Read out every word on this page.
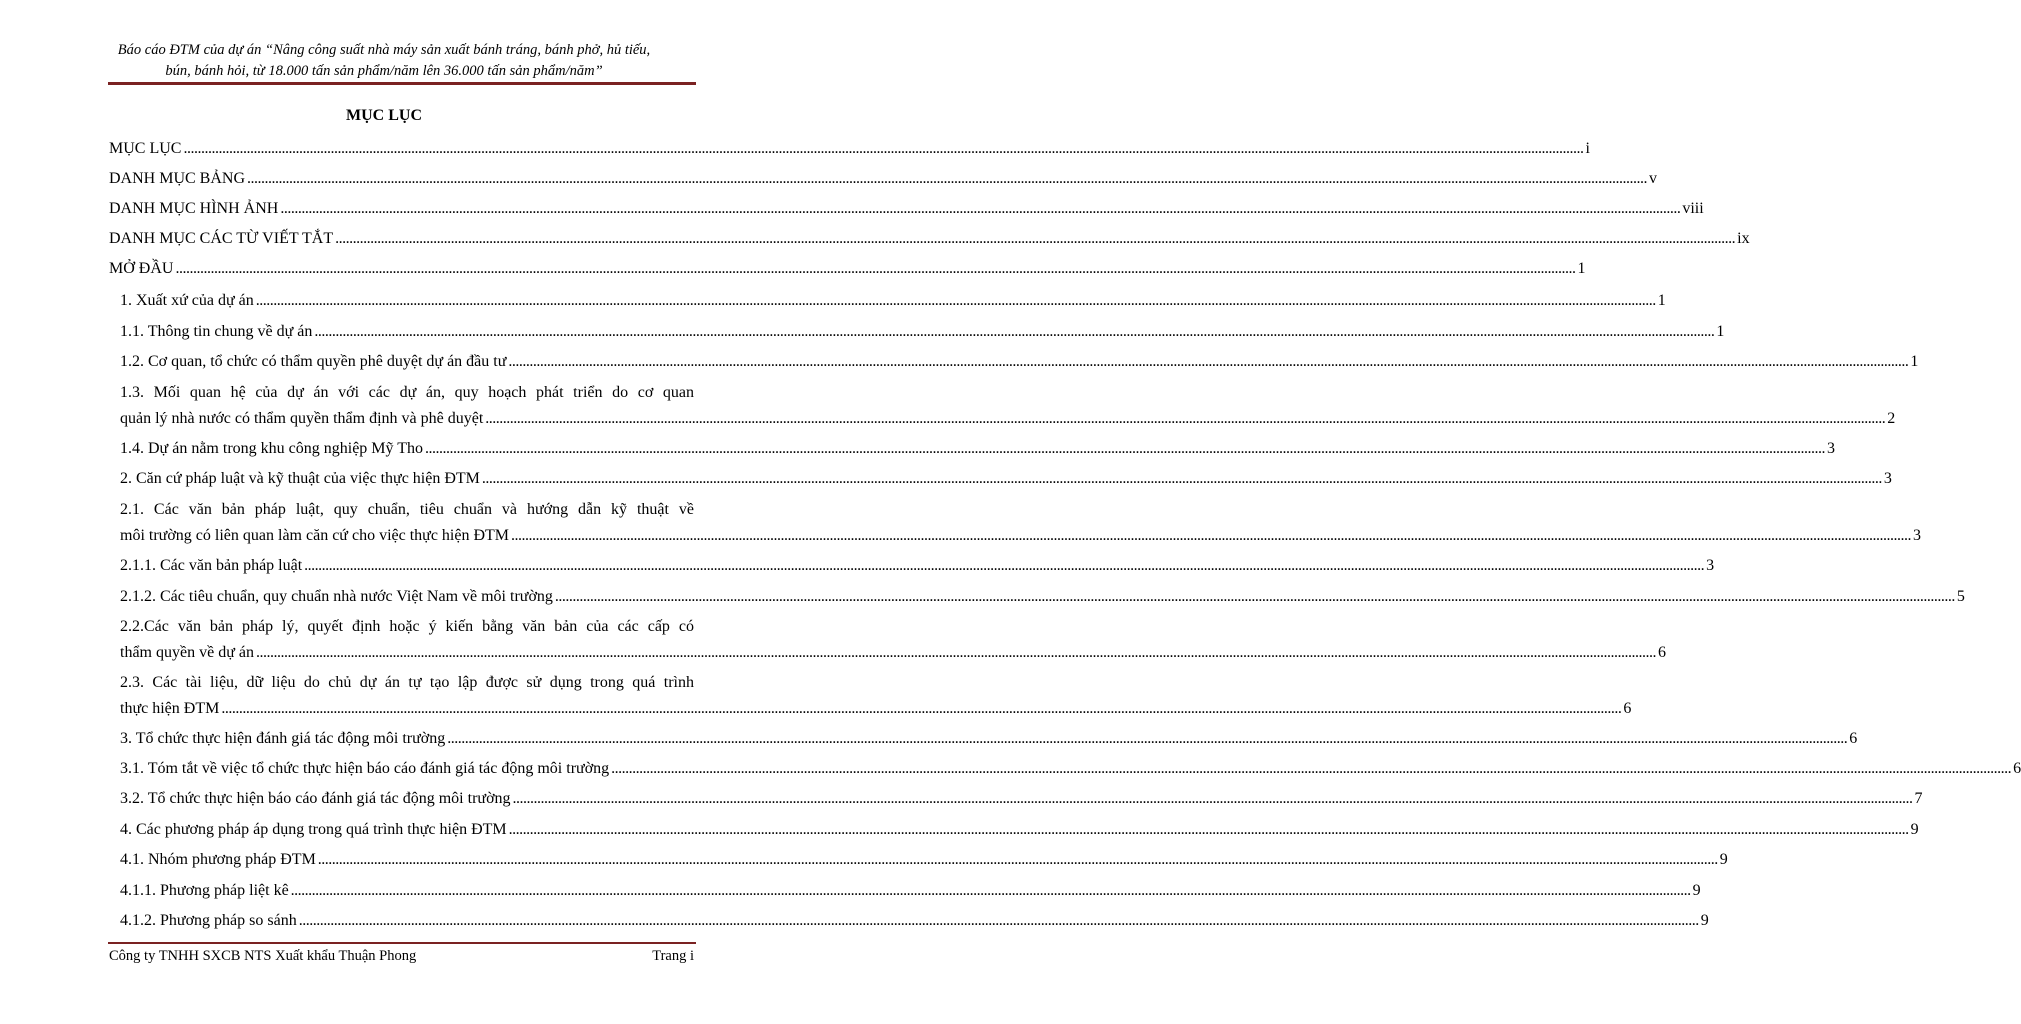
Báo cáo ĐTM của dự án “Nâng công suất nhà máy sản xuất bánh tráng, bánh phở, hủ tiếu,
bún, bánh hỏi, từ 18.000 tấn sản phẩm/năm lên 36.000 tấn sản phẩm/năm”
MỤC LỤC
MỤC LỤC ................................................................................................................................................................................................................................................................................................................................................................................................................ i
DANH MỤC BẢNG ................................................................................................................................................................................................................................................................................................................................................................................................................ v
DANH MỤC HÌNH ẢNH ................................................................................................................................................................................................................................................................................................................................................................................................................ viii
DANH MỤC CÁC TỪ VIẾT TẮT ................................................................................................................................................................................................................................................................................................................................................................................................................ ix
MỞ ĐẦU ................................................................................................................................................................................................................................................................................................................................................................................................................ 1
1. Xuất xứ của dự án ................................................................................................................................................................................................................................................................................................................................................................................................................ 1
1.1. Thông tin chung về dự án ................................................................................................................................................................................................................................................................................................................................................................................................................ 1
1.2. Cơ quan, tổ chức có thẩm quyền phê duyệt dự án đầu tư ................................................................................................................................................................................................................................................................................................................................................................................................................ 1
1.3. Mối quan hệ của dự án với các dự án, quy hoạch phát triển do cơ quan
quản lý nhà nước có thẩm quyền thẩm định và phê duyệt ................................................................................................................................................................................................................................................................................................................................................................................................................ 2
1.4. Dự án nằm trong khu công nghiệp Mỹ Tho ................................................................................................................................................................................................................................................................................................................................................................................................................ 3
2. Căn cứ pháp luật và kỹ thuật của việc thực hiện ĐTM ................................................................................................................................................................................................................................................................................................................................................................................................................ 3
2.1. Các văn bản pháp luật, quy chuẩn, tiêu chuẩn và hướng dẫn kỹ thuật về
môi trường có liên quan làm căn cứ cho việc thực hiện ĐTM ................................................................................................................................................................................................................................................................................................................................................................................................................ 3
2.1.1. Các văn bản pháp luật ................................................................................................................................................................................................................................................................................................................................................................................................................ 3
2.1.2. Các tiêu chuẩn, quy chuẩn nhà nước Việt Nam về môi trường ................................................................................................................................................................................................................................................................................................................................................................................................................ 5
2.2.Các văn bản pháp lý, quyết định hoặc ý kiến bằng văn bản của các cấp có
thẩm quyền về dự án ................................................................................................................................................................................................................................................................................................................................................................................................................ 6
2.3. Các tài liệu, dữ liệu do chủ dự án tự tạo lập được sử dụng trong quá trình
thực hiện ĐTM ................................................................................................................................................................................................................................................................................................................................................................................................................ 6
3. Tổ chức thực hiện đánh giá tác động môi trường ................................................................................................................................................................................................................................................................................................................................................................................................................ 6
3.1. Tóm tắt về việc tổ chức thực hiện báo cáo đánh giá tác động môi trường ................................................................................................................................................................................................................................................................................................................................................................................................................ 6
3.2. Tổ chức thực hiện báo cáo đánh giá tác động môi trường ................................................................................................................................................................................................................................................................................................................................................................................................................ 7
4. Các phương pháp áp dụng trong quá trình thực hiện ĐTM ................................................................................................................................................................................................................................................................................................................................................................................................................ 9
4.1. Nhóm phương pháp ĐTM ................................................................................................................................................................................................................................................................................................................................................................................................................ 9
4.1.1. Phương pháp liệt kê ................................................................................................................................................................................................................................................................................................................................................................................................................ 9
4.1.2. Phương pháp so sánh ................................................................................................................................................................................................................................................................................................................................................................................................................ 9
Công ty TNHH SXCB NTS Xuất khẩu Thuận Phong	Trang i
